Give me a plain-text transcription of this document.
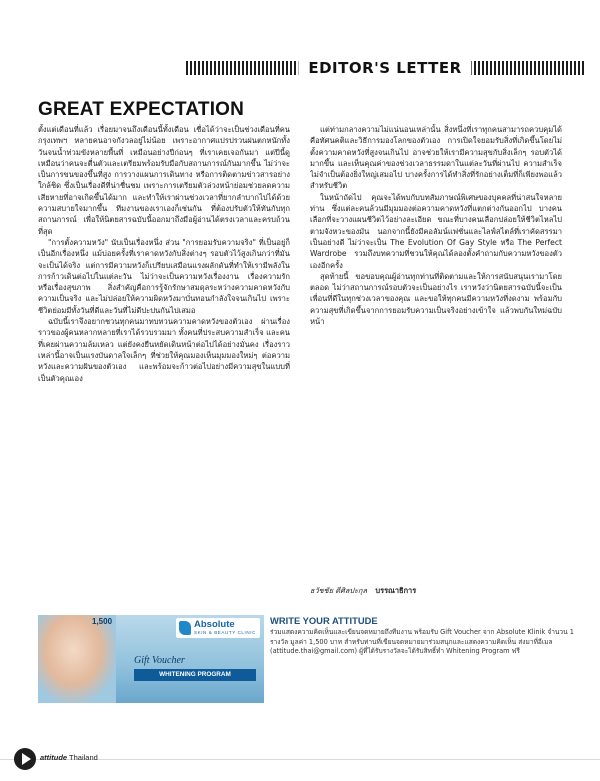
EDITOR'S LETTER
GREAT EXPECTATION

ตั้งแต่เดือนที่แล้ว เรื่อยมาจนถึงเดือนนี้ทั้งเดือน เชื่อได้ว่าจะเป็นช่วงเดือนที่คนกรุงเทพฯ หลายคนอาจกังวลอยู่ไม่น้อย เพราะอากาศแปรปรวนฝนตกหนักทั้งวันจนน้ำท่วมขังหลายพื้นที่ เหมือนอย่างปีก่อนๆ ที่เราเคยเจอกันมา แต่ปีนี้ดูเหมือนว่าคนจะตื่นตัวและเตรียมพร้อมรับมือกับสถานการณ์กันมากขึ้น ไม่ว่าจะเป็นการขนของขึ้นที่สูง การวางแผนการเดินทาง หรือการติดตามข่าวสารอย่างใกล้ชิด ซึ่งเป็นเรื่องดีที่น่าชื่นชม เพราะการเตรียมตัวล่วงหน้าย่อมช่วยลดความเสียหายที่อาจเกิดขึ้นได้มาก และทำให้เราผ่านช่วงเวลาที่ยากลำบากไปได้ด้วยความสบายใจมากขึ้น ทีมงานของเราเองก็เช่นกัน ที่ต้องปรับตัวให้ทันกับทุกสถานการณ์ เพื่อให้นิตยสารฉบับนี้ออกมาถึงมือผู้อ่านได้ตรงเวลาและครบถ้วนที่สุด

"การตั้งความหวัง" นับเป็นเรื่องหนึ่ง ส่วน "การยอมรับความจริง" ที่เป็นอยู่ก็เป็นอีกเรื่องหนึ่ง แม้บ่อยครั้งที่เราคาดหวังกับสิ่งต่างๆ รอบตัวไว้สูงเกินกว่าที่มันจะเป็นได้จริง แต่การมีความหวังก็เปรียบเสมือนแรงผลักดันที่ทำให้เรามีพลังในการก้าวเดินต่อไปในแต่ละวัน ไม่ว่าจะเป็นความหวังเรื่องงาน เรื่องความรัก หรือเรื่องสุขภาพ สิ่งสำคัญคือการรู้จักรักษาสมดุลระหว่างความคาดหวังกับความเป็นจริง และไม่ปล่อยให้ความผิดหวังมาบั่นทอนกำลังใจจนเกินไป เพราะชีวิตย่อมมีทั้งวันที่ดีและวันที่ไม่ดีปะปนกันไปเสมอ

ฉบับนี้เราจึงอยากชวนทุกคนมาทบทวนความคาดหวังของตัวเอง ผ่านเรื่องราวของผู้คนหลากหลายที่เราได้รวบรวมมา ทั้งคนที่ประสบความสำเร็จ และคนที่เคยผ่านความล้มเหลว แต่ยังคงยืนหยัดเดินหน้าต่อไปได้อย่างมั่นคง เรื่องราวเหล่านี้อาจเป็นแรงบันดาลใจเล็กๆ ที่ช่วยให้คุณมองเห็นมุมมองใหม่ๆ ต่อความหวังและความฝันของตัวเอง และพร้อมจะก้าวต่อไปอย่างมีความสุขในแบบที่เป็นตัวคุณเอง

แต่ท่ามกลางความไม่แน่นอนเหล่านั้น สิ่งหนึ่งที่เราทุกคนสามารถควบคุมได้คือทัศนคติและวิธีการมองโลกของตัวเอง การเปิดใจยอมรับสิ่งที่เกิดขึ้นโดยไม่ตั้งความคาดหวังที่สูงจนเกินไป อาจช่วยให้เรามีความสุขกับสิ่งเล็กๆ รอบตัวได้มากขึ้น และเห็นคุณค่าของช่วงเวลาธรรมดาในแต่ละวันที่ผ่านไป ความสำเร็จไม่จำเป็นต้องยิ่งใหญ่เสมอไป บางครั้งการได้ทำสิ่งที่รักอย่างเต็มที่ก็เพียงพอแล้วสำหรับชีวิต

ในหน้าถัดไป คุณจะได้พบกับบทสัมภาษณ์พิเศษของบุคคลที่น่าสนใจหลายท่าน ซึ่งแต่ละคนล้วนมีมุมมองต่อความคาดหวังที่แตกต่างกันออกไป บางคนเลือกที่จะวางแผนชีวิตไว้อย่างละเอียด ขณะที่บางคนเลือกปล่อยให้ชีวิตไหลไปตามจังหวะของมัน นอกจากนี้ยังมีคอลัมน์แฟชั่นและไลฟ์สไตล์ที่เราคัดสรรมาเป็นอย่างดี ไม่ว่าจะเป็น The Evolution Of Gay Style หรือ The Perfect Wardrobe รวมถึงบทความที่ชวนให้คุณได้ลองตั้งคำถามกับความหวังของตัวเองอีกครั้ง

สุดท้ายนี้ ขอขอบคุณผู้อ่านทุกท่านที่ติดตามและให้การสนับสนุนเรามาโดยตลอด ไม่ว่าสถานการณ์รอบตัวจะเป็นอย่างไร เราหวังว่านิตยสารฉบับนี้จะเป็นเพื่อนที่ดีในทุกช่วงเวลาของคุณ และขอให้ทุกคนมีความหวังที่งดงาม พร้อมกับความสุขที่เกิดขึ้นจากการยอมรับความเป็นจริงอย่างเข้าใจ แล้วพบกันใหม่ฉบับหน้า

ธวัชชัย ดีศิลปะกุล บรรณาธิการ
1,500	Absolute
SKIN & BEAUTY CLINIC
Gift Voucher
WHITENING PROGRAM

WRITE YOUR ATTITUDE

ร่วมแสดงความคิดเห็นและเขียนจดหมายถึงทีมงาน พร้อมรับ Gift Voucher จาก Absolute Klinik จำนวน 1 รางวัล มูลค่า 1,500 บาท สำหรับท่านที่เขียนจดหมายมาร่วมสนุกและแสดงความคิดเห็น ส่งมาที่อีเมล (attitude.thai@gmail.com) ผู้ที่ได้รับรางวัลจะได้รับสิทธิ์ทำ Whitening Program ฟรี

attitude Thailand
